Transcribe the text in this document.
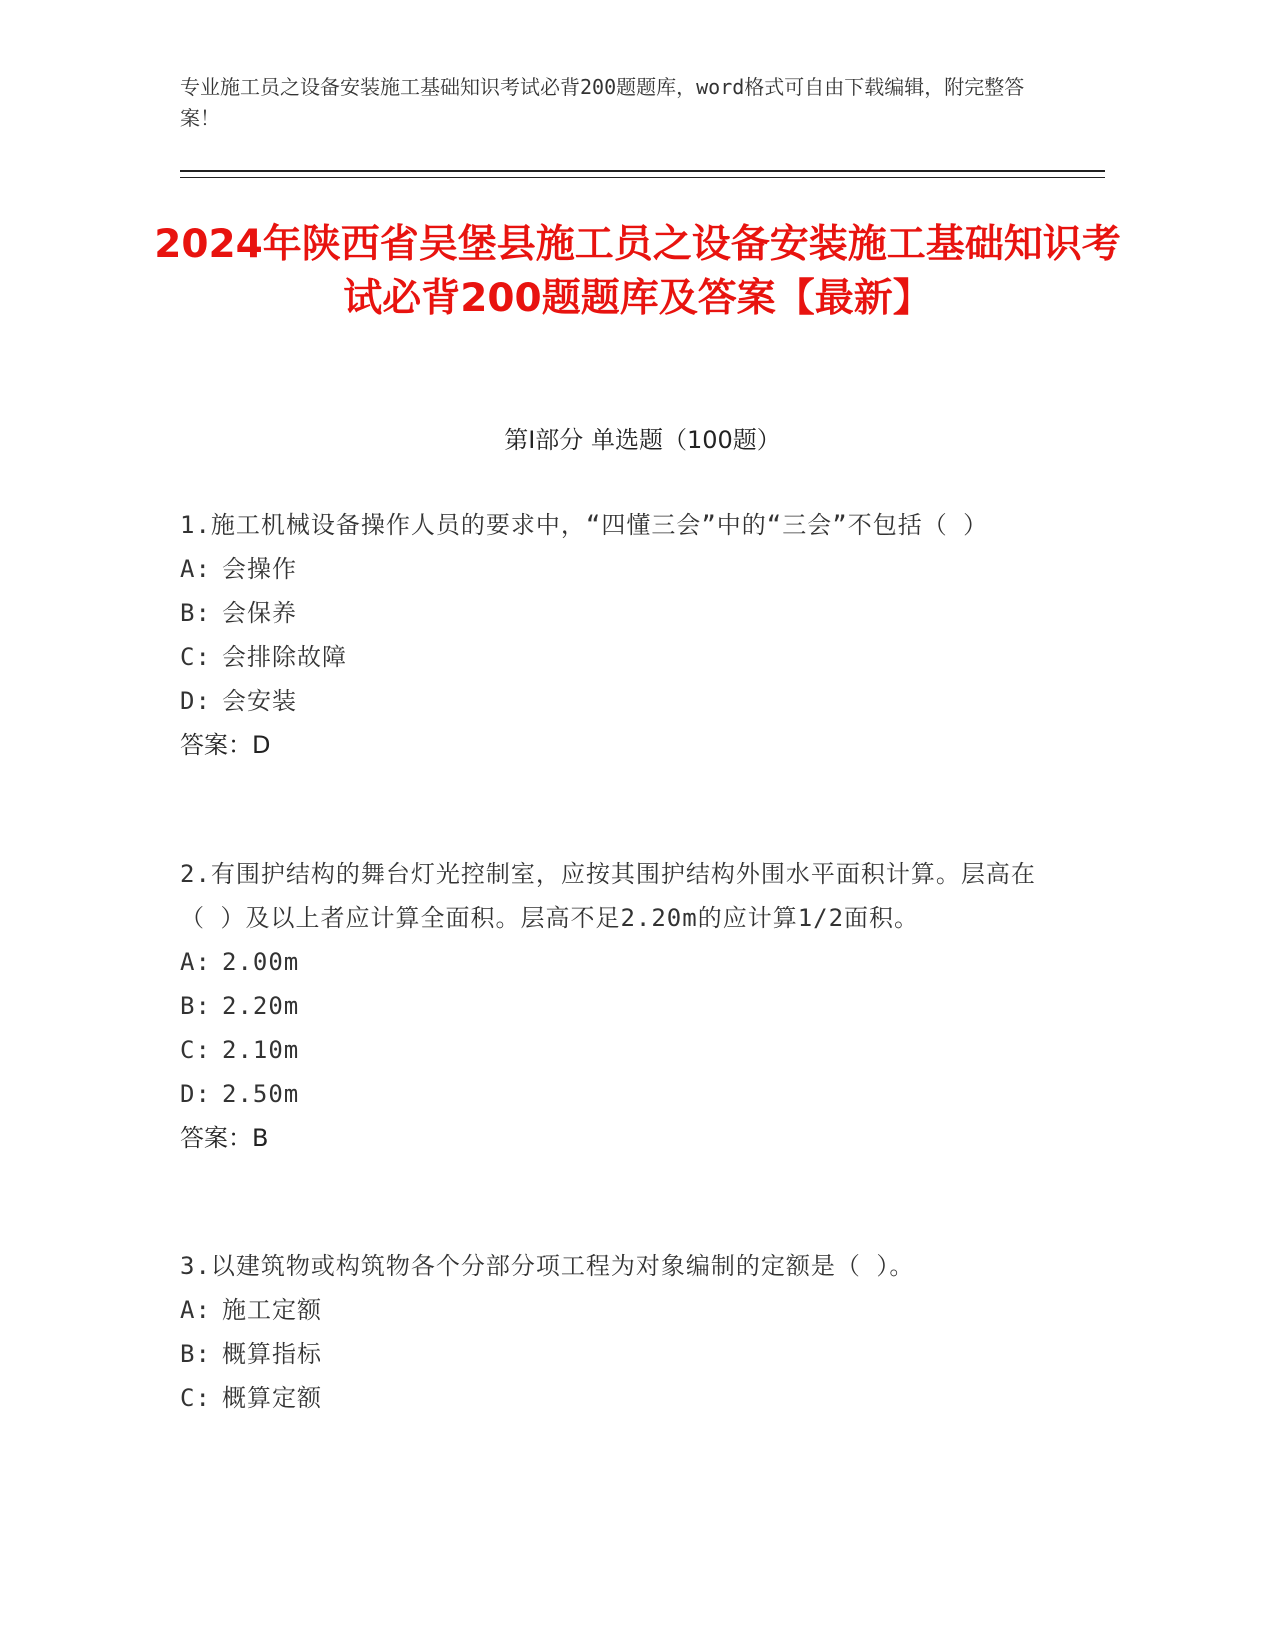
专业施工员之设备安装施工基础知识考试必背200题题库，word格式可自由下载编辑，附完整答案！
2024年陕西省吴堡县施工员之设备安装施工基础知识考试必背200题题库及答案【最新】
第Ⅰ部分 单选题（100题）
1.施工机械设备操作人员的要求中，“四懂三会”中的“三会”不包括（ ）
A: 会操作
B: 会保养
C: 会排除故障
D: 会安装
答案：D
2.有围护结构的舞台灯光控制室，应按其围护结构外围水平面积计算。层高在（ ）及以上者应计算全面积。层高不足2.20m的应计算1/2面积。
A: 2.00m
B: 2.20m
C: 2.10m
D: 2.50m
答案：B
3.以建筑物或构筑物各个分部分项工程为对象编制的定额是（ ）。
A: 施工定额
B: 概算指标
C: 概算定额
